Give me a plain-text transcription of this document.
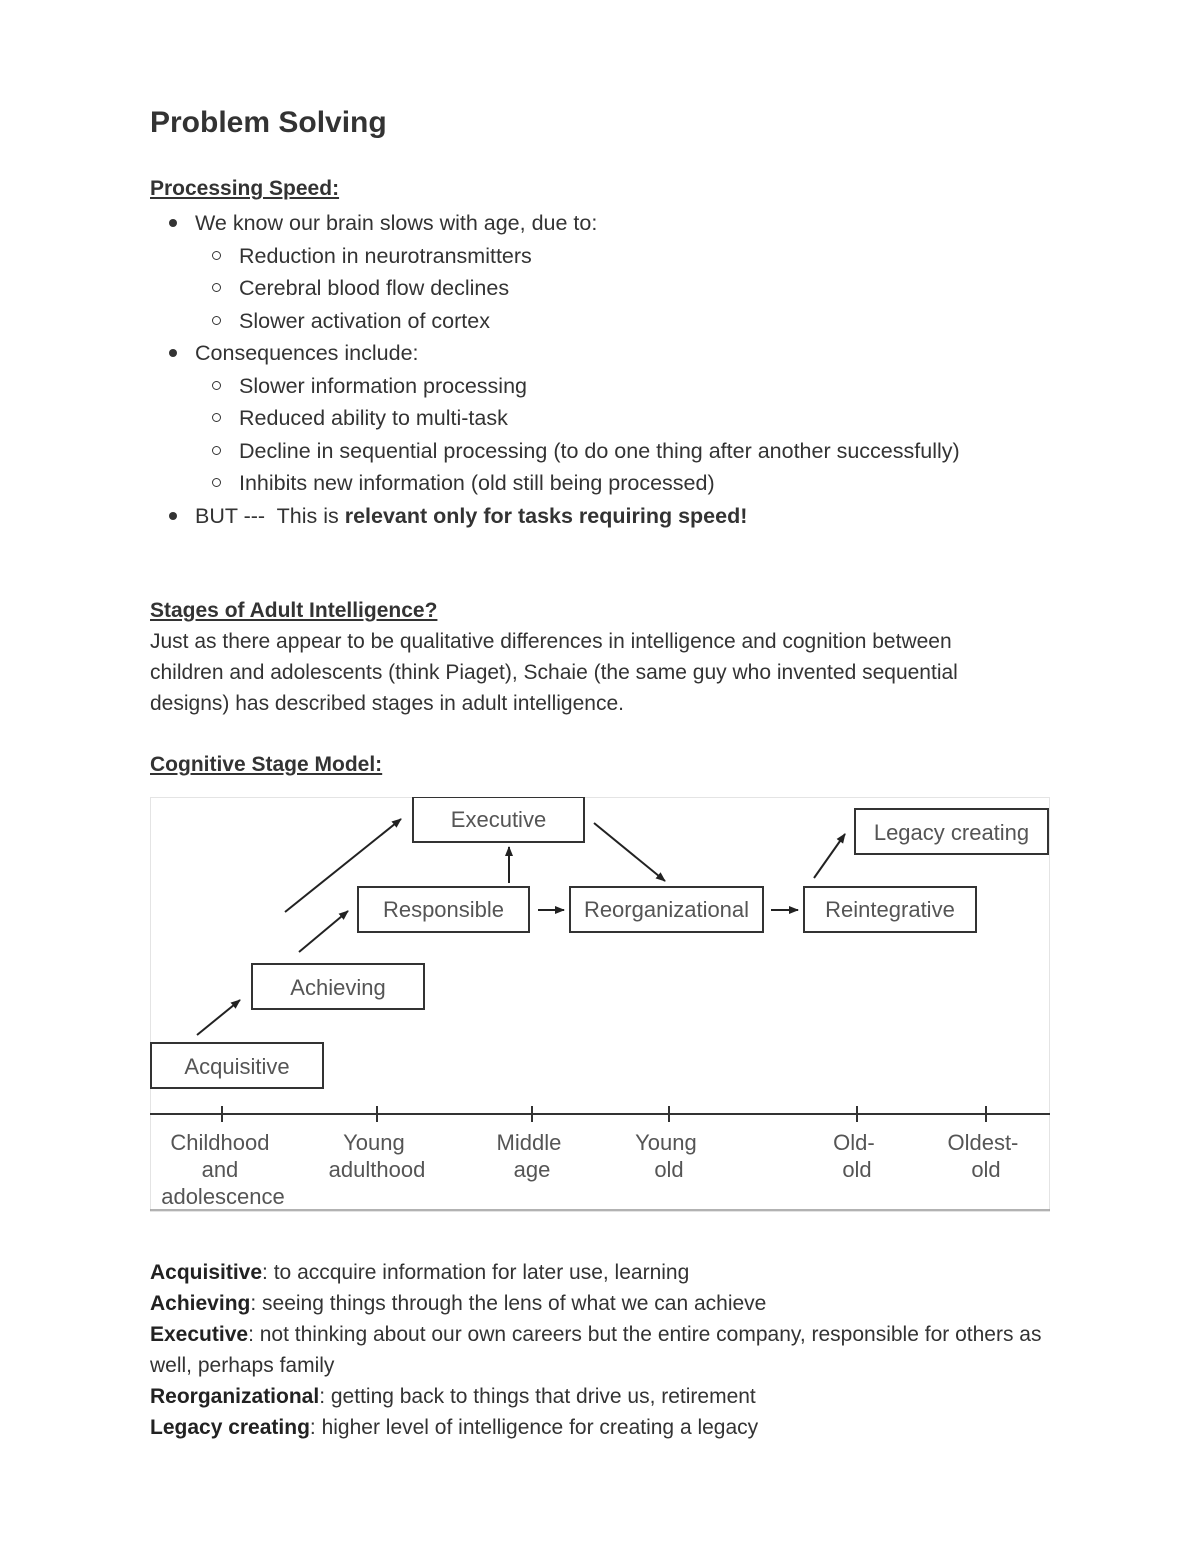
Problem Solving
Processing Speed:
We know our brain slows with age, due to:
Reduction in neurotransmitters
Cerebral blood flow declines
Slower activation of cortex
Consequences include:
Slower information processing
Reduced ability to multi-task
Decline in sequential processing (to do one thing after another successfully)
Inhibits new information (old still being processed)
BUT ---  This is relevant only for tasks requiring speed!
Stages of Adult Intelligence?

Just as there appear to be qualitative differences in intelligence and cognition between children and adolescents (think Piaget), Schaie (the same guy who invented sequential designs) has described stages in adult intelligence.

Cognitive Stage Model:
Executive
Legacy creating
Responsible	Reorganizational	Reintegrative
Achieving
Acquisitive
Childhood and adolescence
Young adulthood
Middle age
Young old
Old- old
Oldest- old
Acquisitive: to accquire information for later use, learning
Achieving: seeing things through the lens of what we can achieve
Executive: not thinking about our own careers but the entire company, responsible for others as well, perhaps family
Reorganizational: getting back to things that drive us, retirement
Legacy creating: higher level of intelligence for creating a legacy
